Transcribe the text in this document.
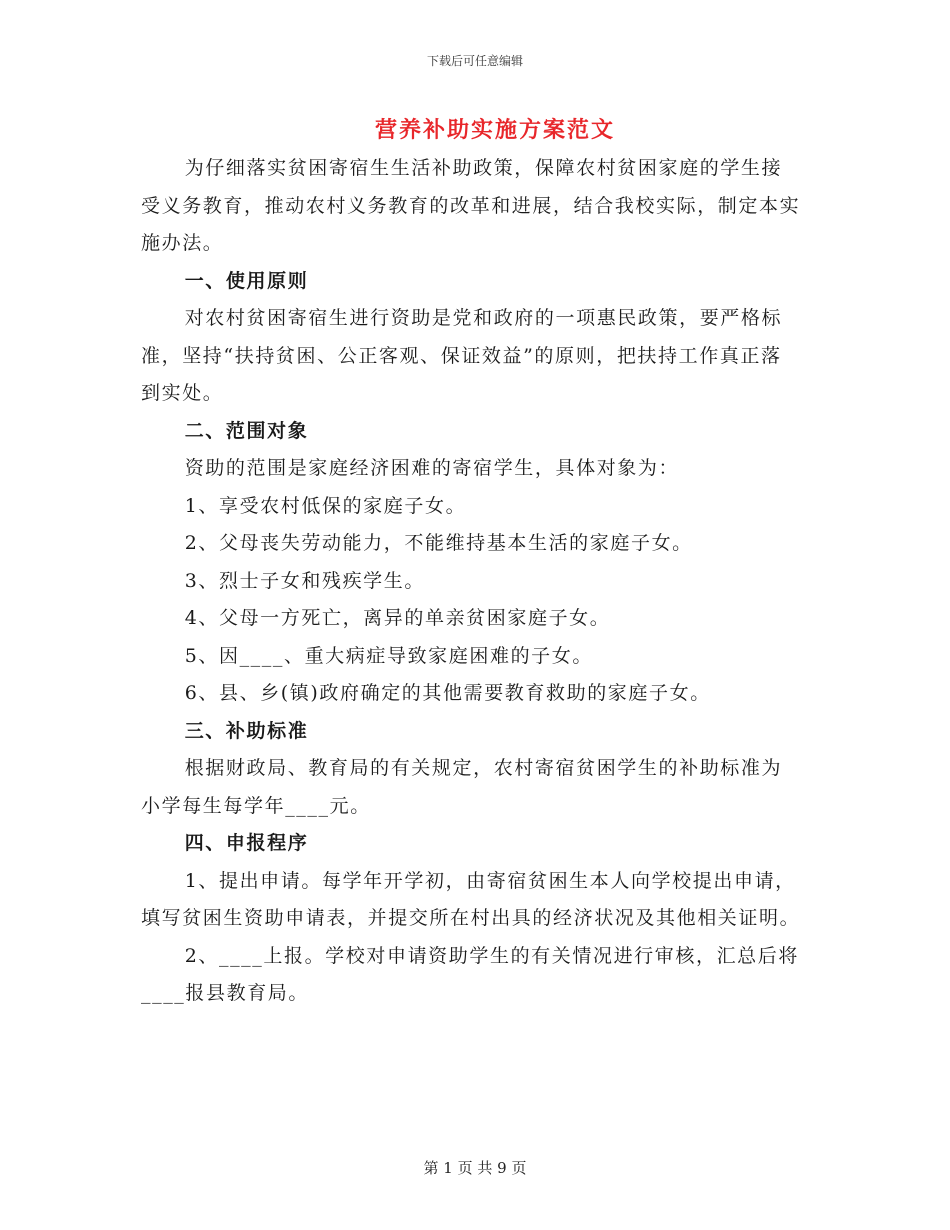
下载后可任意编辑
营养补助实施方案范文

为仔细落实贫困寄宿生生活补助政策，保障农村贫困家庭的学生接受义务教育，推动农村义务教育的改革和进展，结合我校实际，制定本实施办法。

一、使用原则

对农村贫困寄宿生进行资助是党和政府的一项惠民政策，要严格标准，坚持“扶持贫困、公正客观、保证效益”的原则，把扶持工作真正落到实处。

二、范围对象

资助的范围是家庭经济困难的寄宿学生，具体对象为：

1、享受农村低保的家庭子女。

2、父母丧失劳动能力，不能维持基本生活的家庭子女。

3、烈士子女和残疾学生。

4、父母一方死亡，离异的单亲贫困家庭子女。

5、因____、重大病症导致家庭困难的子女。

6、县、乡(镇)政府确定的其他需要教育救助的家庭子女。

三、补助标准

根据财政局、教育局的有关规定，农村寄宿贫困学生的补助标准为小学每生每学年____元。

四、申报程序

1、提出申请。每学年开学初，由寄宿贫困生本人向学校提出申请，填写贫困生资助申请表，并提交所在村出具的经济状况及其他相关证明。

2、____上报。学校对申请资助学生的有关情况进行审核，汇总后将____报县教育局。

第 1 页 共 9 页
